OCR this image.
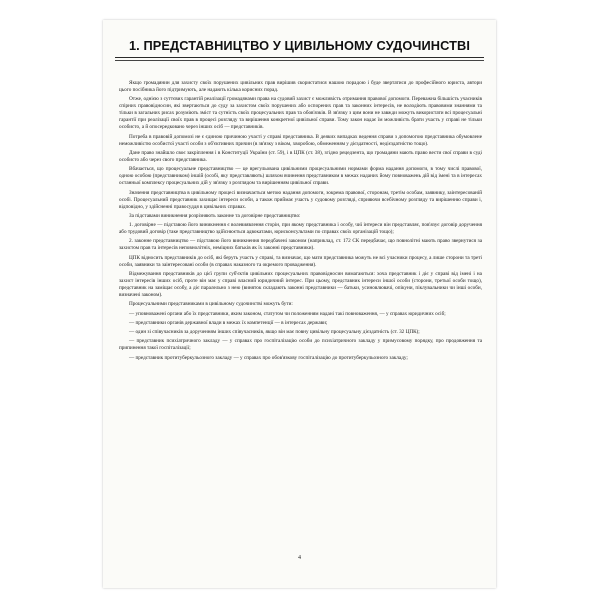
1. ПРЕДСТАВНИЦТВО У ЦИВІЛЬНОМУ СУДОЧИНСТВІ

Якщо громадянин для захисту своїх порушених цивільних прав вирішив скористатися нашою порадою і буде звертатися до професійного юриста, автори цього посібника його підтримують, але надають кілька корисних порад.

Отже, однією з суттєвих гарантій реалізації громадянами права на судовий захист є можливість отримання правової допомоги. Переважна більшість учасників спірних правовідносин, які звертаються до суду за захистом своїх порушених або оспорених прав та законних інтересів, не володіють правовими знаннями та тільки в загальних рисах розуміють зміст та сутність своїх процесуальних прав та обов'язків. В зв'язку з цим вони не завжди можуть використати всі процесуальні гарантії при реалізації своїх прав в процесі розгляду та вирішення конкретної цивільної справи. Тому закон надає їм можливість брати участь у справі не тільки особисто, а й опосередковано через інших осіб — представників.

Потреба в правовій допомозі не є єдиною причиною участі у справі представника. В деяких випадках ведення справи з допомогою представника обумовлене неможливістю особистої участі особи з об'єктивних причин (в зв'язку з віком, хворобою, обмеженням у дієздатності, недієздатністю тощо).

Дане право знайшло своє закріплення і в Конституції України (ст. 59), і в ЦПК (ст. 38), згідно рецедзента, що громадяни мають право вести свої справи в суді особисто або через свого представника.

Вбачається, що процесуальне представництво — це врегульована цивільними процесуальними нормами форма надання допомоги, в тому числі правової, одною особою (представником) іншій (особі, яку представляють) шляхом вчинення представником в межах наданих йому повноважень дій від імені та в інтересах останньої комплексу процесуальних дій у зв'язку з розглядом та вирішенням цивільної справи.

Значення представництва в цивільному процесі визначається метою надання допомоги, зокрема правової, сторонам, третім особам, заявнику, заінтересованій особі. Процесуальний представник захищає інтереси особи, а також приймає участь у судовому розгляді, сприяючи всебічному розгляду та вирішенню справи і, відповідно, у здійсненні правосуддя в цивільних справах.

За підставами виникнення розрізняють законне та договірне представництво:

1. договірне — підставою його виникнення є волевиявлення сторін, при якому представника і особу, чиї інтереси він представляє, пов'язує договір доручення або трудовий договір (таке представництво здійснюється адвокатами, юрисконсультами по справах своїх організацій тощо);

2. законне представництво — підставою його виникнення передбачені законом (наприклад, ст. 172 СК передбачає, що повнолітні мають право звернутися за захистом прав та інтересів неповнолітніх, неміцних батьків як їх законні представники).

ЦПК відносить представників до осіб, які беруть участь у справі, та визначає, що мати представника можуть не всі учасники процесу, а лише сторони та треті особи, заявники та заінтересовані особи (в справах наказного та окремого провадження).

Відмежування представників до цієї групи суб'єктів цивільних процесуальних правовідносин вимагаються: хоча представник і діє у справі від імені і на захист інтересів інших осіб, проте він має у справі власний юридичний інтерес. При цьому, представник інтереси іншої особи (сторони, третьої особи тощо), представник на заміщає особу, а діє паралельно з нею (виняток складають законні представники — батьки, усиновлювачі, опікуни, піклувальники чи інші особи, визначені законом).

Процесуальними представниками в цивільному судочинстві можуть бути:

— уповноважені органи або їх представники, яким законом, статутом чи положенням надані такі повноваження, — у справах юридичних осіб;

— представники органів державної влади в межах їх компетенції — в інтересах держави;

— один зі співучасників за дорученням інших співучасників, якщо він має повну цивільну процесуальну дієздатність (ст. 32 ЦПК);

— представник психіатричного закладу — у справах про госпіталізацію особи до психіатричного закладу у примусовому порядку, про продовження та припинення такої госпіталізації;

— представник протитуберкульозного закладу — у справах про обов'язкову госпіталізацію до протитуберкульозного закладу;

4
